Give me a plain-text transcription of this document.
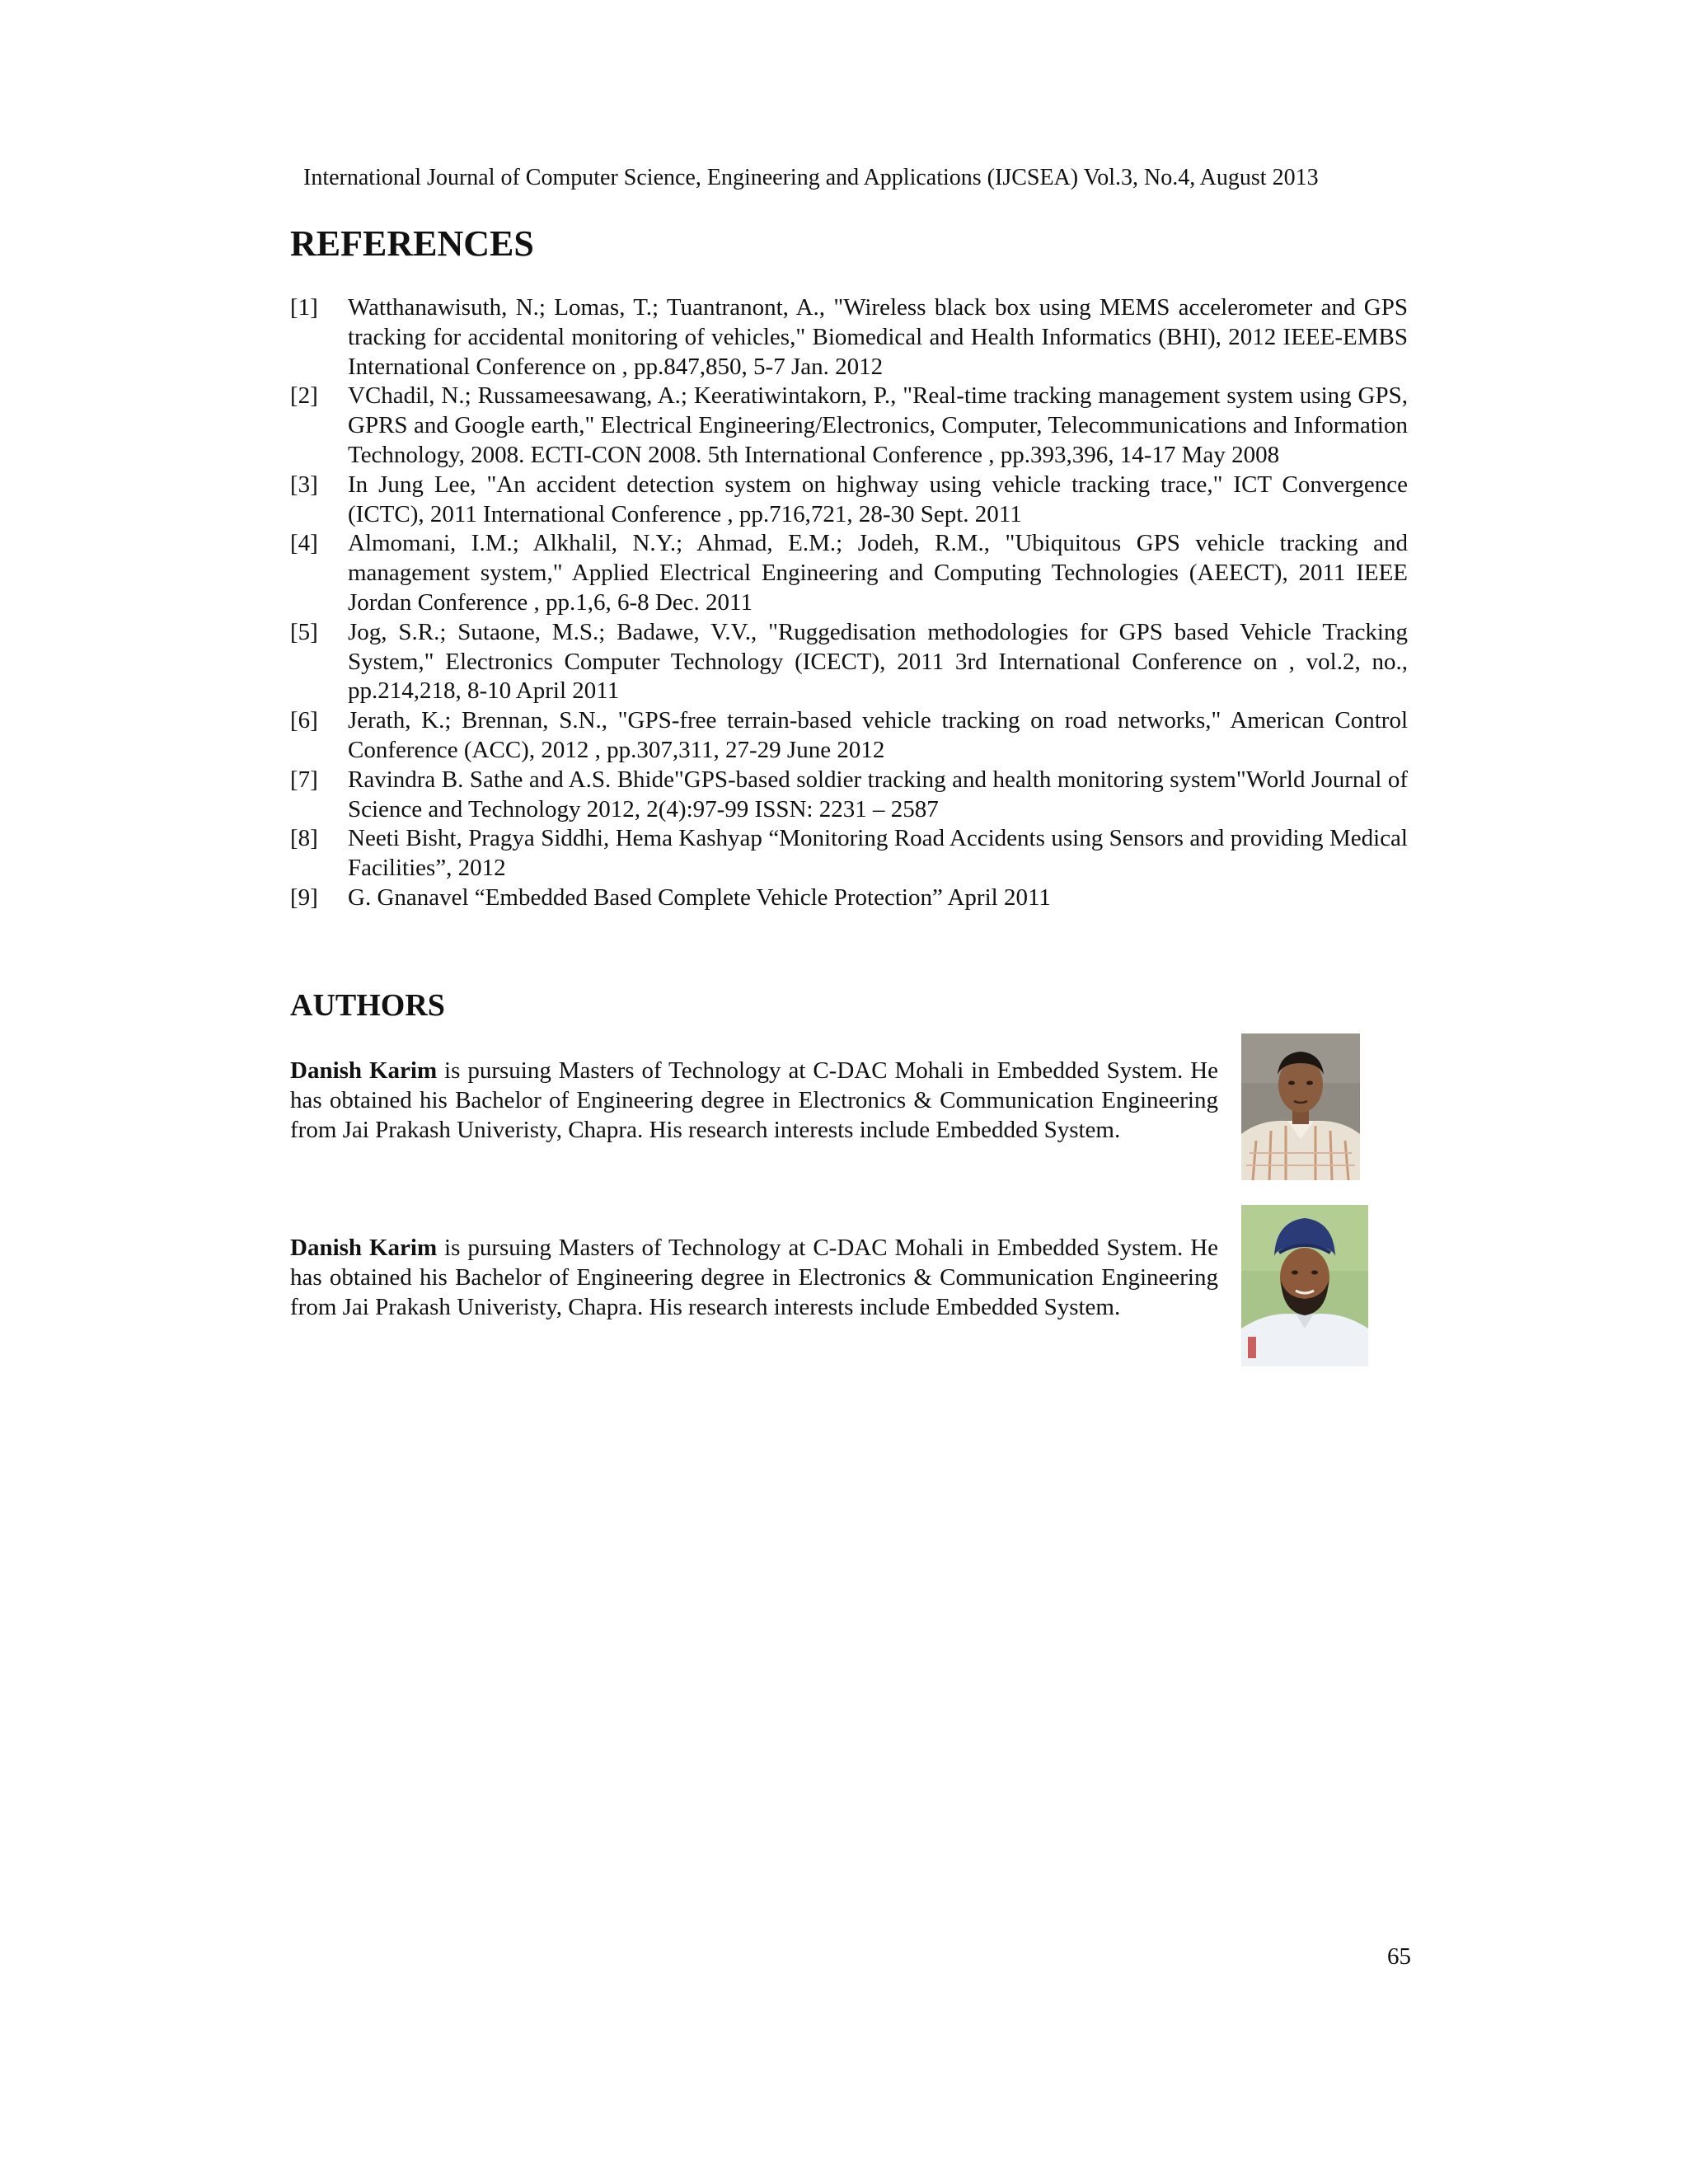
International Journal of Computer Science, Engineering and Applications (IJCSEA) Vol.3, No.4, August 2013
REFERENCES
[1] Watthanawisuth, N.; Lomas, T.; Tuantranont, A., "Wireless black box using MEMS accelerometer and GPS tracking for accidental monitoring of vehicles," Biomedical and Health Informatics (BHI), 2012 IEEE-EMBS International Conference on , pp.847,850, 5-7 Jan. 2012
[2] VChadil, N.; Russameesawang, A.; Keeratiwintakorn, P., "Real-time tracking management system using GPS, GPRS and Google earth," Electrical Engineering/Electronics, Computer, Telecommunications and Information Technology, 2008. ECTI-CON 2008. 5th International Conference , pp.393,396, 14-17 May 2008
[3] In Jung Lee, "An accident detection system on highway using vehicle tracking trace," ICT Convergence (ICTC), 2011 International Conference , pp.716,721, 28-30 Sept. 2011
[4] Almomani, I.M.; Alkhalil, N.Y.; Ahmad, E.M.; Jodeh, R.M., "Ubiquitous GPS vehicle tracking and management system," Applied Electrical Engineering and Computing Technologies (AEECT), 2011 IEEE Jordan Conference , pp.1,6, 6-8 Dec. 2011
[5] Jog, S.R.; Sutaone, M.S.; Badawe, V.V., "Ruggedisation methodologies for GPS based Vehicle Tracking System," Electronics Computer Technology (ICECT), 2011 3rd International Conference on , vol.2, no., pp.214,218, 8-10 April 2011
[6] Jerath, K.; Brennan, S.N., "GPS-free terrain-based vehicle tracking on road networks," American Control Conference (ACC), 2012 , pp.307,311, 27-29 June 2012
[7] Ravindra B. Sathe and A.S. Bhide"GPS-based soldier tracking and health monitoring system"World Journal of Science and Technology 2012, 2(4):97-99 ISSN: 2231 – 2587
[8] Neeti Bisht, Pragya Siddhi, Hema Kashyap “Monitoring Road Accidents using Sensors and providing Medical Facilities”, 2012
[9] G. Gnanavel “Embedded Based Complete Vehicle Protection” April 2011
AUTHORS

Danish Karim is pursuing Masters of Technology at C-DAC Mohali in Embedded System. He has obtained his Bachelor of Engineering degree in Electronics & Communication Engineering from Jai Prakash Univeristy, Chapra. His research interests include Embedded System.

Danish Karim is pursuing Masters of Technology at C-DAC Mohali in Embedded System. He has obtained his Bachelor of Engineering degree in Electronics & Communication Engineering from Jai Prakash Univeristy, Chapra. His research interests include Embedded System.

65
